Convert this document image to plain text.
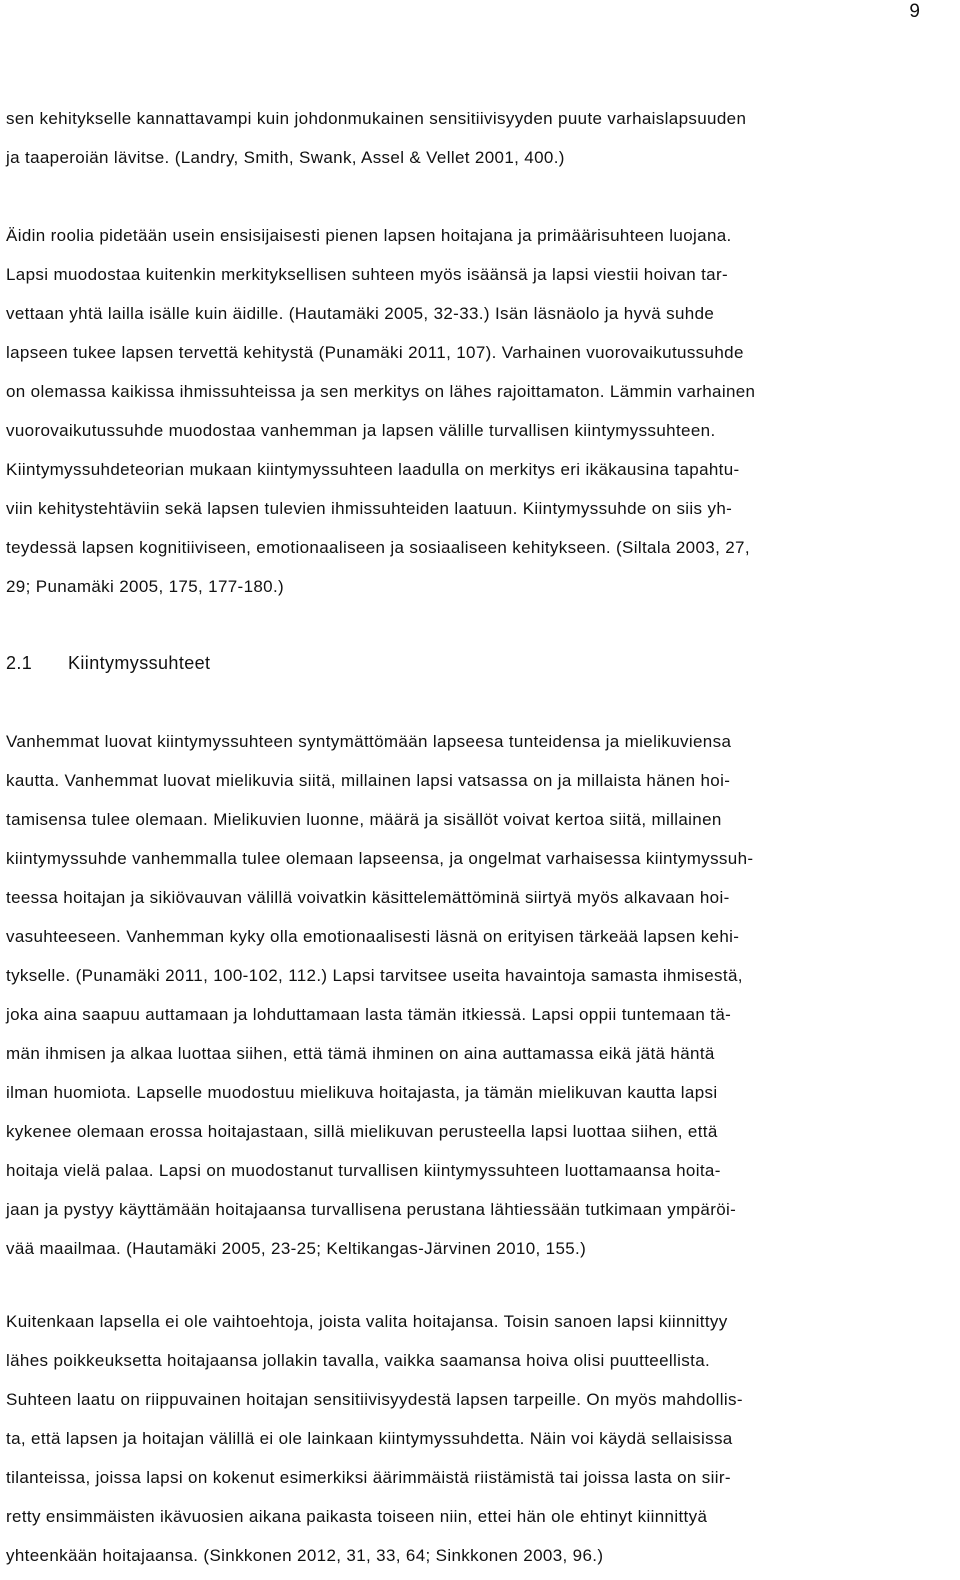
9
sen kehitykselle kannattavampi kuin johdonmukainen sensitiivisyyden puute varhaislapsuuden
ja taaperoiän lävitse. (Landry, Smith, Swank, Assel & Vellet 2001, 400.)
Äidin roolia pidetään usein ensisijaisesti pienen lapsen hoitajana ja primäärisuhteen luojana.
Lapsi muodostaa kuitenkin merkityksellisen suhteen myös isäänsä ja lapsi viestii hoivan tar-
vettaan yhtä lailla isälle kuin äidille. (Hautamäki 2005, 32-33.) Isän läsnäolo ja hyvä suhde
lapseen tukee lapsen tervettä kehitystä (Punamäki 2011, 107). Varhainen vuorovaikutussuhde
on olemassa kaikissa ihmissuhteissa ja sen merkitys on lähes rajoittamaton. Lämmin varhainen
vuorovaikutussuhde muodostaa vanhemman ja lapsen välille turvallisen kiintymyssuhteen.
Kiintymyssuhdeteorian mukaan kiintymyssuhteen laadulla on merkitys eri ikäkausina tapahtu-
viin kehitystehtäviin sekä lapsen tulevien ihmissuhteiden laatuun. Kiintymyssuhde on siis yh-
teydessä lapsen kognitiiviseen, emotionaaliseen ja sosiaaliseen kehitykseen. (Siltala 2003, 27,
29; Punamäki 2005, 175, 177-180.)
2.1 Kiintymyssuhteet
Vanhemmat luovat kiintymyssuhteen syntymättömään lapseesa tunteidensa ja mielikuviensa
kautta. Vanhemmat luovat mielikuvia siitä, millainen lapsi vatsassa on ja millaista hänen hoi-
tamisensa tulee olemaan. Mielikuvien luonne, määrä ja sisällöt voivat kertoa siitä, millainen
kiintymyssuhde vanhemmalla tulee olemaan lapseensa, ja ongelmat varhaisessa kiintymyssuh-
teessa hoitajan ja sikiövauvan välillä voivatkin käsittelemättöminä siirtyä myös alkavaan hoi-
vasuhteeseen. Vanhemman kyky olla emotionaalisesti läsnä on erityisen tärkeää lapsen kehi-
tykselle. (Punamäki 2011, 100-102, 112.) Lapsi tarvitsee useita havaintoja samasta ihmisestä,
joka aina saapuu auttamaan ja lohduttamaan lasta tämän itkiessä. Lapsi oppii tuntemaan tä-
män ihmisen ja alkaa luottaa siihen, että tämä ihminen on aina auttamassa eikä jätä häntä
ilman huomiota. Lapselle muodostuu mielikuva hoitajasta, ja tämän mielikuvan kautta lapsi
kykenee olemaan erossa hoitajastaan, sillä mielikuvan perusteella lapsi luottaa siihen, että
hoitaja vielä palaa. Lapsi on muodostanut turvallisen kiintymyssuhteen luottamaansa hoita-
jaan ja pystyy käyttämään hoitajaansa turvallisena perustana lähtiessään tutkimaan ympäröi-
vää maailmaa. (Hautamäki 2005, 23-25; Keltikangas-Järvinen 2010, 155.)
Kuitenkaan lapsella ei ole vaihtoehtoja, joista valita hoitajansa. Toisin sanoen lapsi kiinnittyy
lähes poikkeuksetta hoitajaansa jollakin tavalla, vaikka saamansa hoiva olisi puutteellista.
Suhteen laatu on riippuvainen hoitajan sensitiivisyydestä lapsen tarpeille. On myös mahdollis-
ta, että lapsen ja hoitajan välillä ei ole lainkaan kiintymyssuhdetta. Näin voi käydä sellaisissa
tilanteissa, joissa lapsi on kokenut esimerkiksi äärimmäistä riistämistä tai joissa lasta on siir-
retty ensimmäisten ikävuosien aikana paikasta toiseen niin, ettei hän ole ehtinyt kiinnittyä
yhteenkään hoitajaansa. (Sinkkonen 2012, 31, 33, 64; Sinkkonen 2003, 96.)
